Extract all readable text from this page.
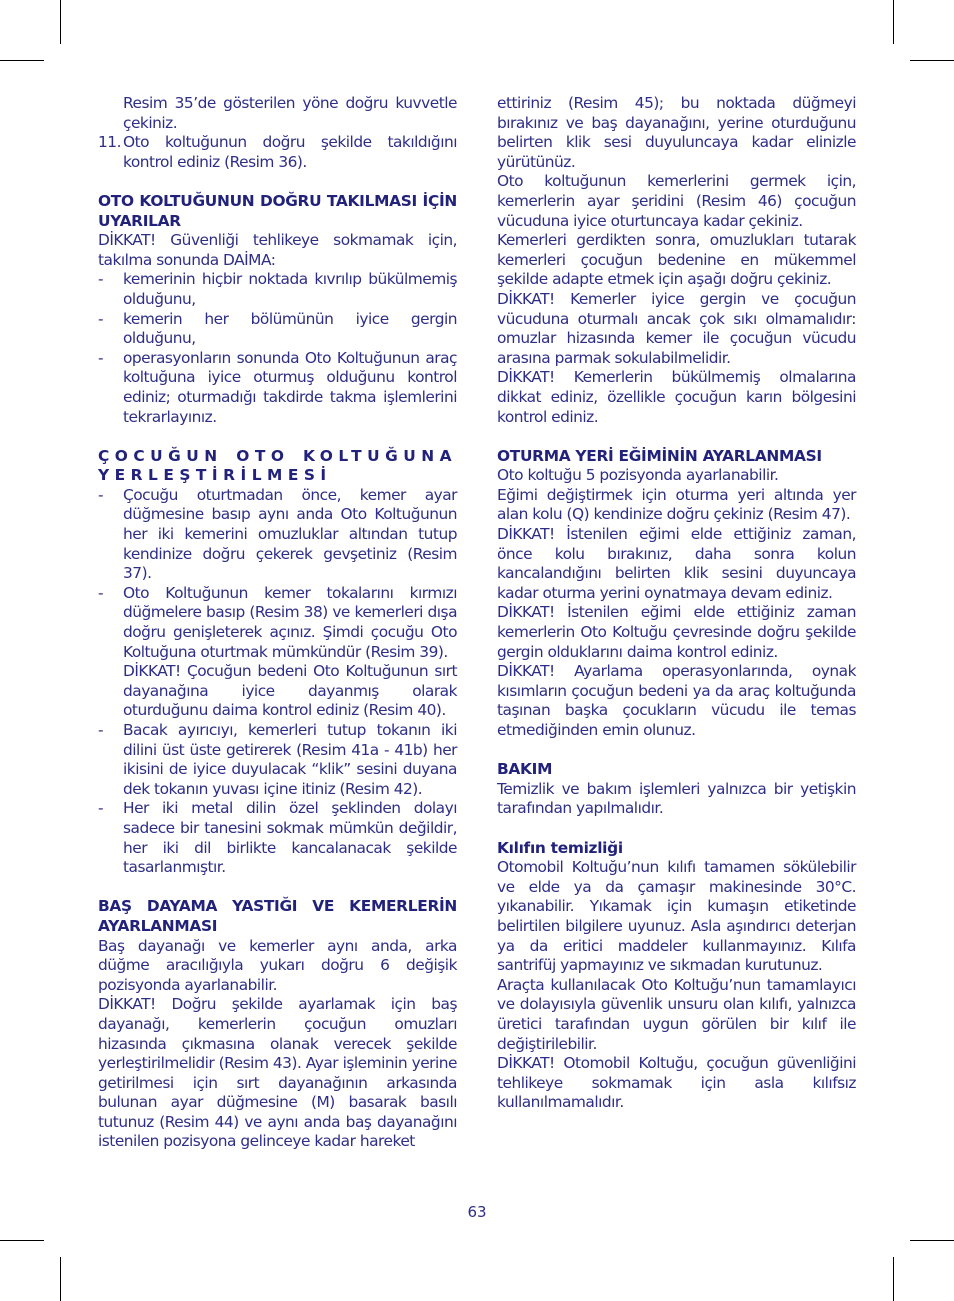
Resim 35’de gösterilen yöne doğru kuvvetle çekiniz.
11. Oto koltuğunun doğru şekilde takıldığını kontrol ediniz (Resim 36).
OTO KOLTUĞUNUN DOĞRU TAKILMASI İÇİN UYARILAR
DİKKAT! Güvenliği tehlikeye sokmamak için, takılma sonunda DAİMA:
- kemerinin hiçbir noktada kıvrılıp bükülmemiş olduğunu,
- kemerin her bölümünün iyice gergin olduğunu,
- operasyonların sonunda Oto Koltuğunun araç koltuğuna iyice oturmuş olduğunu kontrol ediniz; oturmadığı takdirde takma işlemlerini tekrarlayınız.
ÇOCUĞUN OTO KOLTUĞUNA YERLEŞTİRİLMESİ
- Çocuğu oturtmadan önce, kemer ayar düğmesine basıp aynı anda Oto Koltuğunun her iki kemerini omuzluklar altından tutup kendinize doğru çekerek gevşetiniz (Resim 37).
- Oto Koltuğunun kemer tokalarını kırmızı düğmelere basıp (Resim 38) ve kemerleri dışa doğru genişleterek açınız. Şimdi çocuğu Oto Koltuğuna oturtmak mümkündür (Resim 39).
DİKKAT! Çocuğun bedeni Oto Koltuğunun sırt dayanağına iyice dayanmış olarak oturduğunu daima kontrol ediniz (Resim 40).
- Bacak ayırıcıyı, kemerleri tutup tokanın iki dilini üst üste getirerek (Resim 41a - 41b) her ikisini de iyice duyulacak “klik” sesini duyana dek tokanın yuvası içine itiniz (Resim 42).
- Her iki metal dilin özel şeklinden dolayı sadece bir tanesini sokmak mümkün değildir, her iki dil birlikte kancalanacak şekilde tasarlanmıştır.
BAŞ DAYAMA YASTIĞI VE KEMERLERİN AYARLANMASI
Baş dayanağı ve kemerler aynı anda, arka düğme aracılığıyla yukarı doğru 6 değişik pozisyonda ayarlanabilir.
DİKKAT! Doğru şekilde ayarlamak için baş dayanağı, kemerlerin çocuğun omuzları hizasında çıkmasına olanak verecek şekilde yerleştirilmelidir (Resim 43). Ayar işleminin yerine getirilmesi için sırt dayanağının arkasında bulunan ayar düğmesine (M) basarak basılı tutunuz (Resim 44) ve aynı anda baş dayanağını istenilen pozisyona gelinceye kadar hareket
ettiriniz (Resim 45); bu noktada düğmeyi bırakınız ve baş dayanağını, yerine oturduğunu belirten klik sesi duyuluncaya kadar elinizle yürütünüz.
Oto koltuğunun kemerlerini germek için, kemerlerin ayar şeridini (Resim 46) çocuğun vücuduna iyice oturtuncaya kadar çekiniz.
Kemerleri gerdikten sonra, omuzlukları tutarak kemerleri çocuğun bedenine en mükemmel şekilde adapte etmek için aşağı doğru çekiniz.
DİKKAT! Kemerler iyice gergin ve çocuğun vücuduna oturmalı ancak çok sıkı olmamalıdır: omuzlar hizasında kemer ile çocuğun vücudu arasına parmak sokulabilmelidir.
DİKKAT! Kemerlerin bükülmemiş olmalarına dikkat ediniz, özellikle çocuğun karın bölgesini kontrol ediniz.
OTURMA YERİ EĞİMİNİN AYARLANMASI
Oto koltuğu 5 pozisyonda ayarlanabilir.
Eğimi değiştirmek için oturma yeri altında yer alan kolu (Q) kendinize doğru çekiniz (Resim 47).
DİKKAT! İstenilen eğimi elde ettiğiniz zaman, önce kolu bırakınız, daha sonra kolun kancalandığını belirten klik sesini duyuncaya kadar oturma yerini oynatmaya devam ediniz.
DİKKAT! İstenilen eğimi elde ettiğiniz zaman kemerlerin Oto Koltuğu çevresinde doğru şekilde gergin olduklarını daima kontrol ediniz.
DİKKAT! Ayarlama operasyonlarında, oynak kısımların çocuğun bedeni ya da araç koltuğunda taşınan başka çocukların vücudu ile temas etmediğinden emin olunuz.
BAKIM
Temizlik ve bakım işlemleri yalnızca bir yetişkin tarafından yapılmalıdır.
Kılıfın temizliği
Otomobil Koltuğu’nun kılıfı tamamen sökülebilir ve elde ya da çamaşır makinesinde 30°C. yıkanabilir. Yıkamak için kumaşın etiketinde belirtilen bilgilere uyunuz. Asla aşındırıcı deterjan ya da eritici maddeler kullanmayınız. Kılıfa santrifüj yapmayınız ve sıkmadan kurutunuz.
Araçta kullanılacak Oto Koltuğu’nun tamamlayıcı ve dolayısıyla güvenlik unsuru olan kılıfı, yalnızca üretici tarafından uygun görülen bir kılıf ile değiştirilebilir.
DİKKAT! Otomobil Koltuğu, çocuğun güvenliğini tehlikeye sokmamak için asla kılıfsız kullanılmamalıdır.
63
